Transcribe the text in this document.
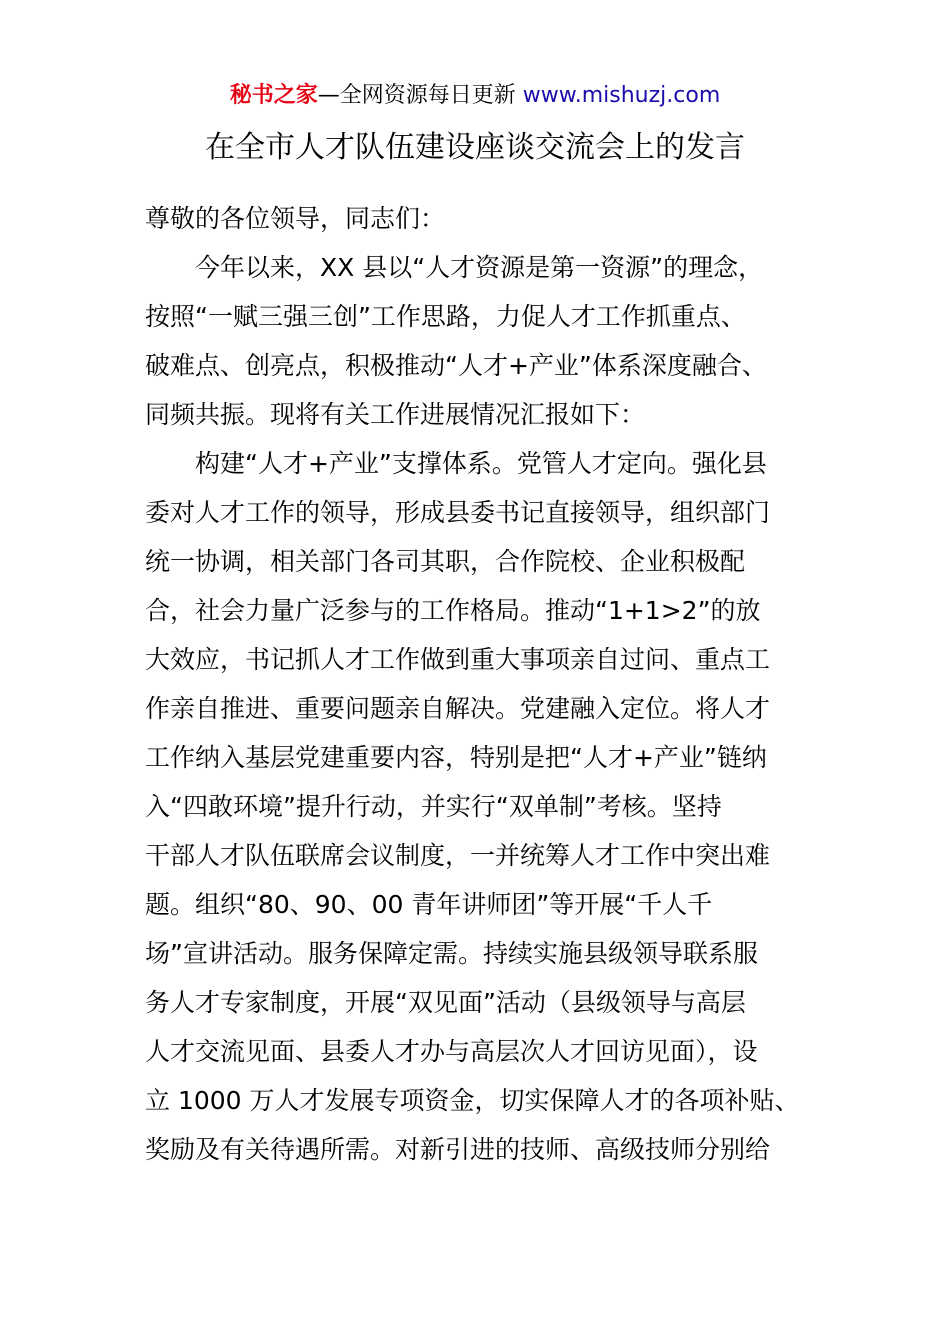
秘书之家—全网资源每日更新 www.mishuzj.com
在全市人才队伍建设座谈交流会上的发言
尊敬的各位领导，同志们：
今年以来，XX 县以“人才资源是第一资源”的理念，
按照“一赋三强三创”工作思路，力促人才工作抓重点、
破难点、创亮点，积极推动“人才+产业”体系深度融合、
同频共振。现将有关工作进展情况汇报如下：
构建“人才+产业”支撑体系。党管人才定向。强化县
委对人才工作的领导，形成县委书记直接领导，组织部门
统一协调，相关部门各司其职，合作院校、企业积极配
合，社会力量广泛参与的工作格局。推动“1+1>2”的放
大效应，书记抓人才工作做到重大事项亲自过问、重点工
作亲自推进、重要问题亲自解决。党建融入定位。将人才
工作纳入基层党建重要内容，特别是把“人才+产业”链纳
入“四敢环境”提升行动，并实行“双单制”考核。坚持
干部人才队伍联席会议制度，一并统筹人才工作中突出难
题。组织“80、90、00 青年讲师团”等开展“千人千
场”宣讲活动。服务保障定需。持续实施县级领导联系服
务人才专家制度，开展“双见面”活动（县级领导与高层
人才交流见面、县委人才办与高层次人才回访见面），设
立 1000 万人才发展专项资金，切实保障人才的各项补贴、
奖励及有关待遇所需。对新引进的技师、高级技师分别给
